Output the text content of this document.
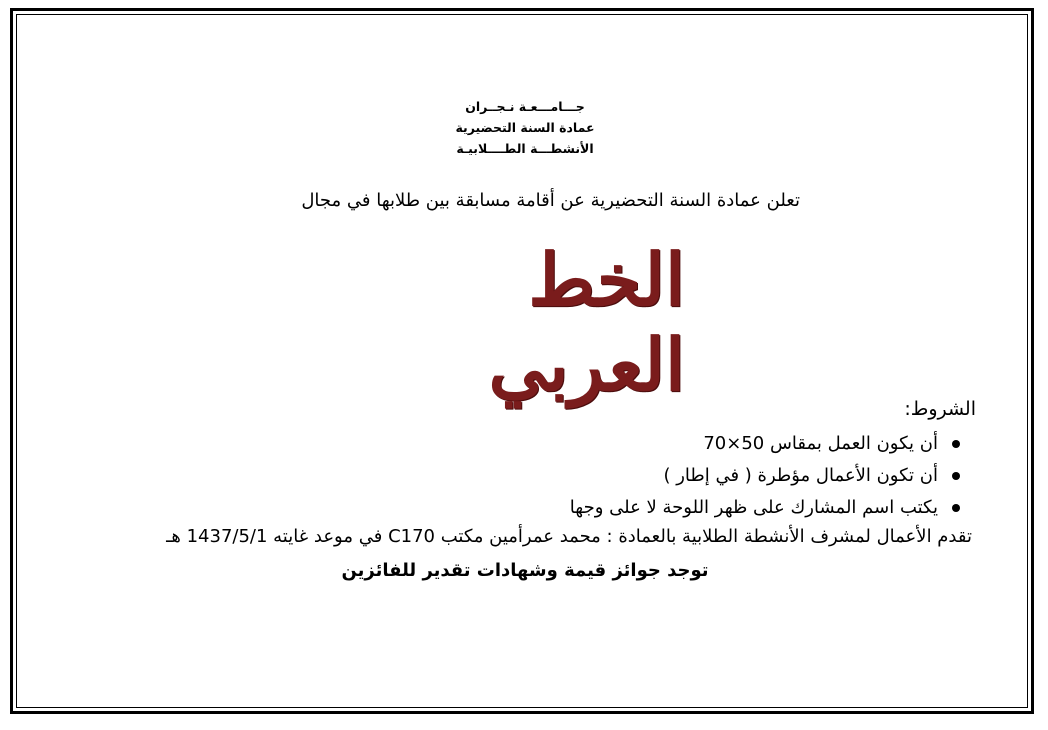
جـــامـــعـة نـجــران
عمادة السنة التحضيرية
الأنشطـــة الطــــلابيـة
تعلن عمادة السنة التحضيرية عن أقامة مسابقة بين طلابها في مجال
الخط العربي
الشروط:
أن يكون العمل بمقاس 50×70
أن تكون الأعمال مؤطرة ( في إطار )
يكتب اسم المشارك على ظهر اللوحة لا على وجها
تقدم الأعمال لمشرف الأنشطة الطلابية بالعمادة : محمد عمرأمين مكتب C170 في موعد غايته 1437/5/1 هـ
توجد جوائز قيمة وشهادات تقدير للفائزين
